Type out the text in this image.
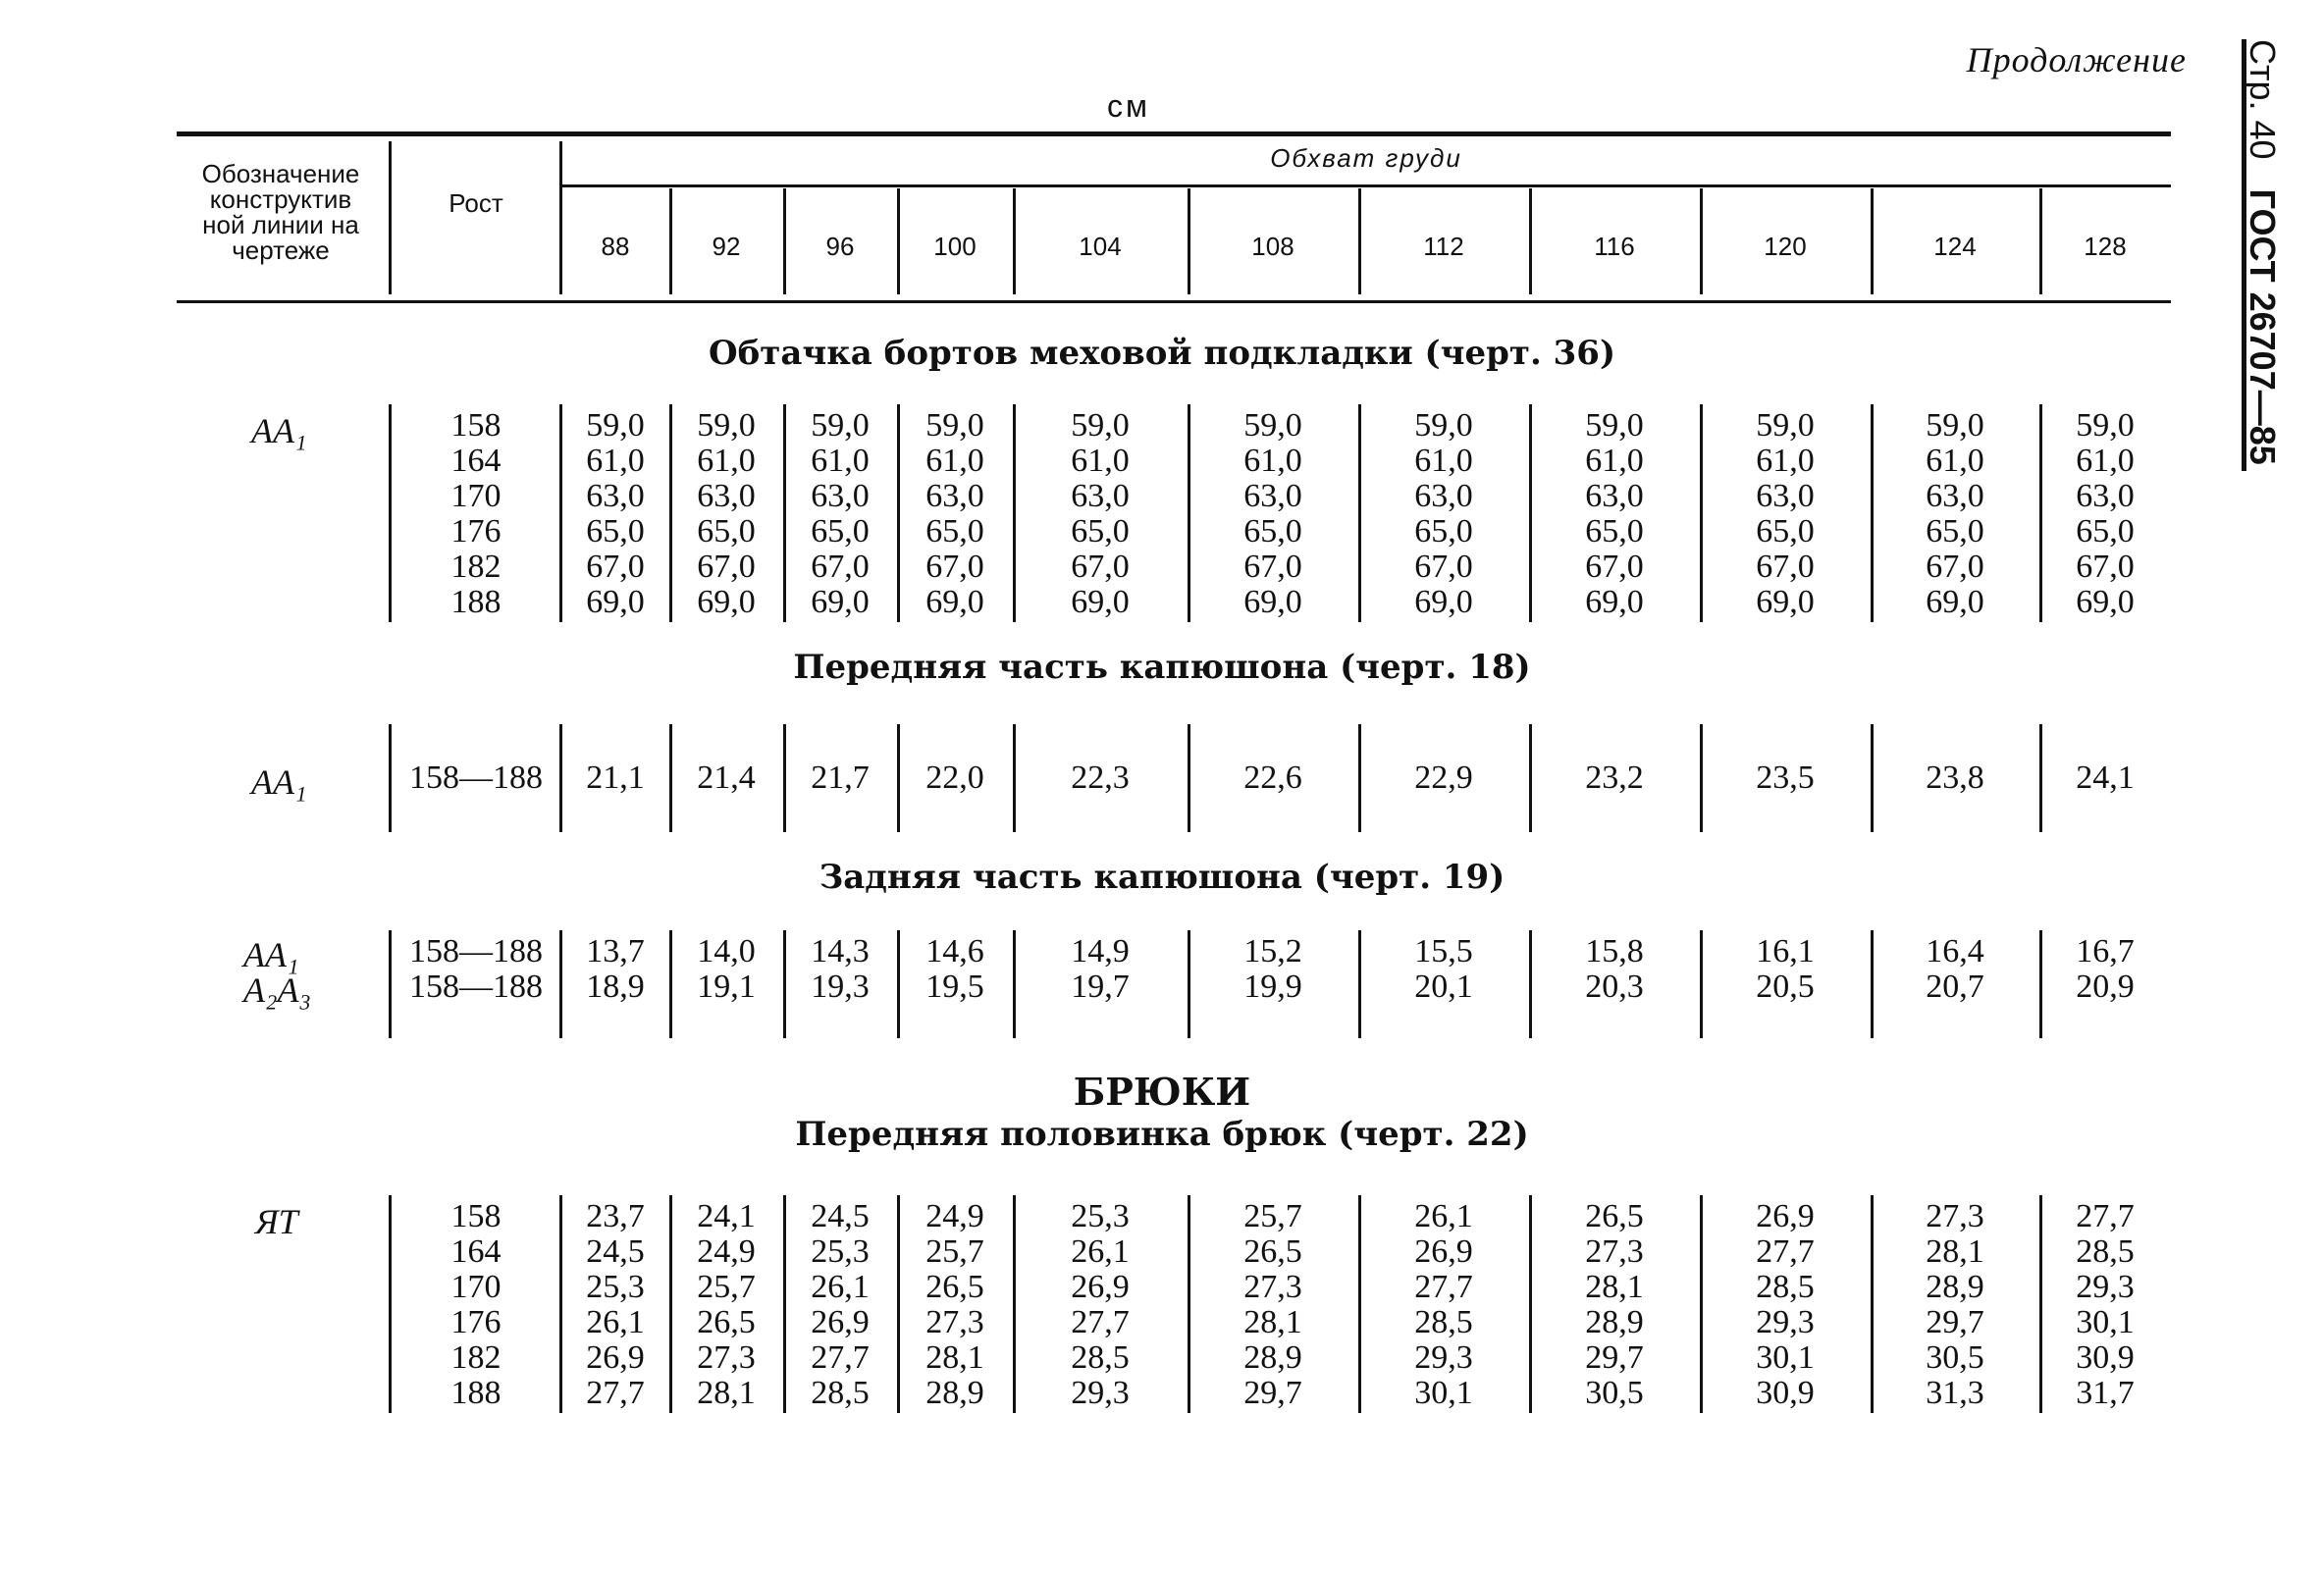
Продолжение Стр. 40   ГОСТ 26707—85
см
Обозначение
конструктив
ной линии на
чертеже
Рост
Обхват груди
88	92	96	100	104	108	112	116	120	124	128
Обтачка бортов меховой подкладки (черт. 36)
AA₁	158	59,0	59,0	59,0	59,0	59,0	59,0	59,0	59,0	59,0	59,0	59,0
164	61,0	61,0	61,0	61,0	61,0	61,0	61,0	61,0	61,0	61,0	61,0
170	63,0	63,0	63,0	63,0	63,0	63,0	63,0	63,0	63,0	63,0	63,0
176	65,0	65,0	65,0	65,0	65,0	65,0	65,0	65,0	65,0	65,0	65,0
182	67,0	67,0	67,0	67,0	67,0	67,0	67,0	67,0	67,0	67,0	67,0
188	69,0	69,0	69,0	69,0	69,0	69,0	69,0	69,0	69,0	69,0	69,0
Передняя часть капюшона (черт. 18)
AA₁	158—188	21,1	21,4	21,7	22,0	22,3	22,6	22,9	23,2	23,5	23,8	24,1
Задняя часть капюшона (черт. 19)
AA₁
A₂A₃
158—188	13,7	14,0	14,3	14,6	14,9	15,2	15,5	15,8	16,1	16,4	16,7
158—188	18,9	19,1	19,3	19,5	19,7	19,9	20,1	20,3	20,5	20,7	20,9
БРЮКИ
Передняя половинка брюк (черт. 22)
ЯТ	158	23,7	24,1	24,5	24,9	25,3	25,7	26,1	26,5	26,9	27,3	27,7
164	24,5	24,9	25,3	25,7	26,1	26,5	26,9	27,3	27,7	28,1	28,5
170	25,3	25,7	26,1	26,5	26,9	27,3	27,7	28,1	28,5	28,9	29,3
176	26,1	26,5	26,9	27,3	27,7	28,1	28,5	28,9	29,3	29,7	30,1
182	26,9	27,3	27,7	28,1	28,5	28,9	29,3	29,7	30,1	30,5	30,9
188	27,7	28,1	28,5	28,9	29,3	29,7	30,1	30,5	30,9	31,3	31,7
